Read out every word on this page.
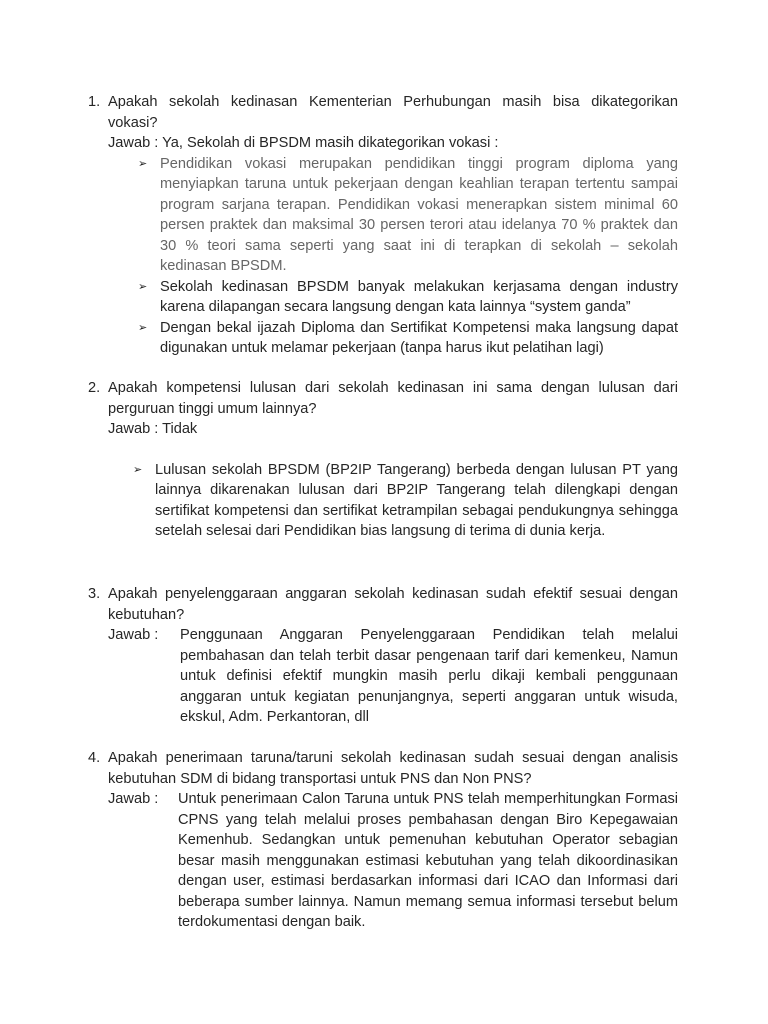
1. Apakah sekolah kedinasan Kementerian Perhubungan masih bisa dikategorikan vokasi?
Jawab : Ya, Sekolah di BPSDM masih dikategorikan vokasi :
➢ Pendidikan vokasi merupakan pendidikan tinggi program diploma yang menyiapkan taruna untuk pekerjaan dengan keahlian terapan tertentu sampai program sarjana terapan. Pendidikan vokasi menerapkan sistem minimal 60 persen praktek dan maksimal 30 persen terori atau idelanya 70 % praktek dan 30 % teori sama seperti yang saat ini di terapkan di sekolah – sekolah kedinasan BPSDM.
➢ Sekolah kedinasan BPSDM banyak melakukan kerjasama dengan industry karena dilapangan secara langsung dengan kata lainnya “system ganda”
➢ Dengan bekal ijazah Diploma dan Sertifikat Kompetensi maka langsung dapat digunakan untuk melamar pekerjaan (tanpa harus ikut pelatihan lagi)
2. Apakah kompetensi lulusan dari sekolah kedinasan ini sama dengan lulusan dari perguruan tinggi umum lainnya?
Jawab : Tidak
➢ Lulusan sekolah BPSDM (BP2IP Tangerang) berbeda dengan lulusan PT yang lainnya dikarenakan lulusan dari BP2IP Tangerang telah dilengkapi dengan sertifikat kompetensi dan sertifikat ketrampilan sebagai pendukungnya sehingga setelah selesai dari Pendidikan bias langsung di terima di dunia kerja.
3. Apakah penyelenggaraan anggaran sekolah kedinasan sudah efektif sesuai dengan kebutuhan?
Jawab :	Penggunaan Anggaran Penyelenggaraan Pendidikan telah melalui pembahasan dan telah terbit dasar pengenaan tarif dari kemenkeu, Namun untuk definisi efektif mungkin masih perlu dikaji kembali penggunaan anggaran untuk kegiatan penunjangnya, seperti anggaran untuk wisuda, ekskul, Adm. Perkantoran, dll
4. Apakah penerimaan taruna/taruni sekolah kedinasan sudah sesuai dengan analisis kebutuhan SDM di bidang transportasi untuk PNS dan Non PNS?
Jawab :	Untuk penerimaan Calon Taruna untuk PNS telah memperhitungkan Formasi CPNS yang telah melalui proses pembahasan dengan Biro Kepegawaian Kemenhub. Sedangkan untuk pemenuhan kebutuhan Operator sebagian besar masih menggunakan estimasi kebutuhan yang telah dikoordinasikan dengan user, estimasi berdasarkan informasi dari ICAO dan Informasi dari beberapa sumber lainnya. Namun memang semua informasi tersebut belum terdokumentasi dengan baik.
